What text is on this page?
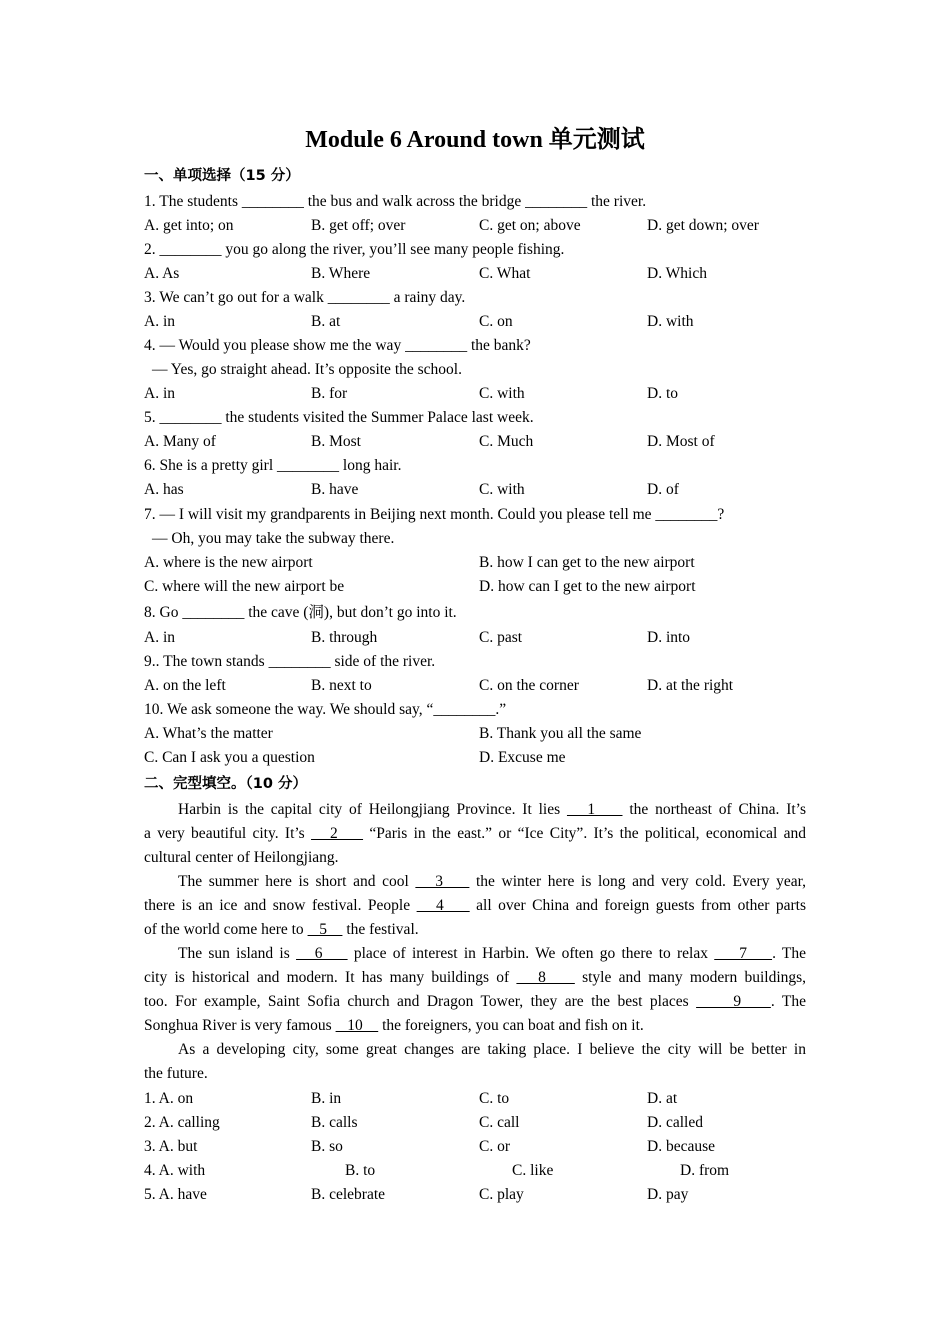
Module 6 Around town 单元测试
一、单项选择（15 分）
1. The students ________ the bus and walk across the bridge ________ the river.
A. get into; on	B. get off; over	C. get on; above	D. get down; over
2. ________ you go along the river, you’ll see many people fishing.
A. As	B. Where	C. What	D. Which
3. We can’t go out for a walk ________ a rainy day.
A. in	B. at	C. on	D. with
4. — Would you please show me the way ________ the bank?
— Yes, go straight ahead. It’s opposite the school.
A. in	B. for	C. with	D. to
5. ________ the students visited the Summer Palace last week.
A. Many of	B. Most	C. Much	D. Most of
6. She is a pretty girl ________ long hair.
A. has	B. have	C. with	D. of
7. — I will visit my grandparents in Beijing next month. Could you please tell me ________?
— Oh, you may take the subway there.
A. where is the new airport	B. how I can get to the new airport
C. where will the new airport be	D. how can I get to the new airport
8. Go ________ the cave (洞), but don’t go into it.
A. in	B. through	C. past	D. into
9.. The town stands ________ side of the river.
A. on the left	B. next to	C. on the corner	D. at the right
10. We ask someone the way. We should say, “________.”
A. What’s the matter	B. Thank you all the same
C. Can I ask you a question	D. Excuse me
二、完型填空。（10 分）
Harbin is the capital city of Heilongjiang Province. It lies    1     the northeast of China. It’s
a very beautiful city. It’s    2     “Paris in the east.” or “Ice City”. It’s the political, economical and
cultural center of Heilongjiang.
The summer here is short and cool    3     the winter here is long and very cold. Every year,
there is an ice and snow festival. People    4     all over China and foreign guests from other parts
of the world come here to    5     the festival.
The sun island is    6     place of interest in Harbin. We often go there to relax     7    . The
city is historical and modern. It has many buildings of    8     style and many modern buildings,
too. For example, Saint Sofia church and Dragon Tower, they are the best places      9    . The
Songhua River is very famous    10     the foreigners, you can boat and fish on it.
As a developing city, some great changes are taking place. I believe the city will be better in
the future.
1. A. on	B. in	C. to	D. at
2. A. calling	B. calls	C. call	D. called
3. A. but	B. so	C. or	D. because
4. A. with	B. to	C. like	D. from
5. A. have	B. celebrate	C. play	D. pay
